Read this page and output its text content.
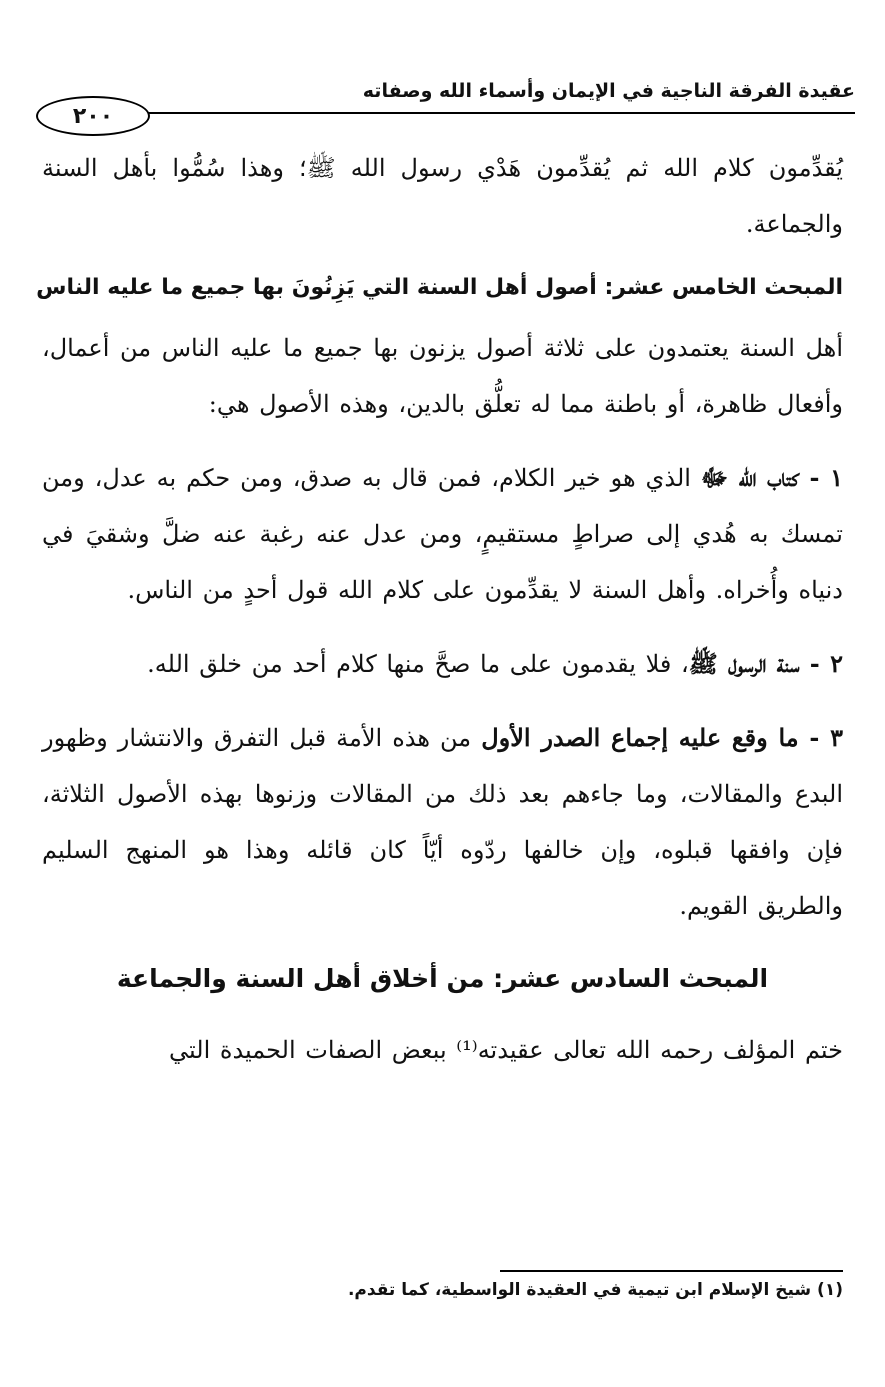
عقيدة الفرقة الناجية في الإيمان وأسماء الله وصفاته
٢٠٠

يُقدِّمون كلام الله ثم يُقدِّمون هَدْي رسول الله ﷺ؛ وهذا سُمُّوا بأهل السنة والجماعة.

المبحث الخامس عشر: أصول أهل السنة التي يَزِنُونَ بها جميع ما عليه الناس

أهل السنة يعتمدون على ثلاثة أصول يزنون بها جميع ما عليه الناس من أعمال، وأفعال ظاهرة، أو باطنة مما له تعلُّق بالدين، وهذه الأصول هي:

١ - كتاب الله ﷻ الذي هو خير الكلام، فمن قال به صدق، ومن حكم به عدل، ومن تمسك به هُدي إلى صراطٍ مستقيمٍ، ومن عدل عنه رغبة عنه ضلَّ وشقيَ في دنياه وأُخراه. وأهل السنة لا يقدِّمون على كلام الله قول أحدٍ من الناس.

٢ - سنة الرسول ﷺ، فلا يقدمون على ما صحَّ منها كلام أحد من خلق الله.

٣ - ما وقع عليه إجماع الصدر الأول من هذه الأمة قبل التفرق والانتشار وظهور البدع والمقالات، وما جاءهم بعد ذلك من المقالات وزنوها بهذه الأصول الثلاثة، فإن وافقها قبلوه، وإن خالفها ردّوه أيّاً كان قائله وهذا هو المنهج السليم والطريق القويم.

المبحث السادس عشر: من أخلاق أهل السنة والجماعة

ختم المؤلف رحمه الله تعالى عقيدته⁽¹⁾ ببعض الصفات الحميدة التي

(١) شيخ الإسلام ابن تيمية في العقيدة الواسطية، كما تقدم.
